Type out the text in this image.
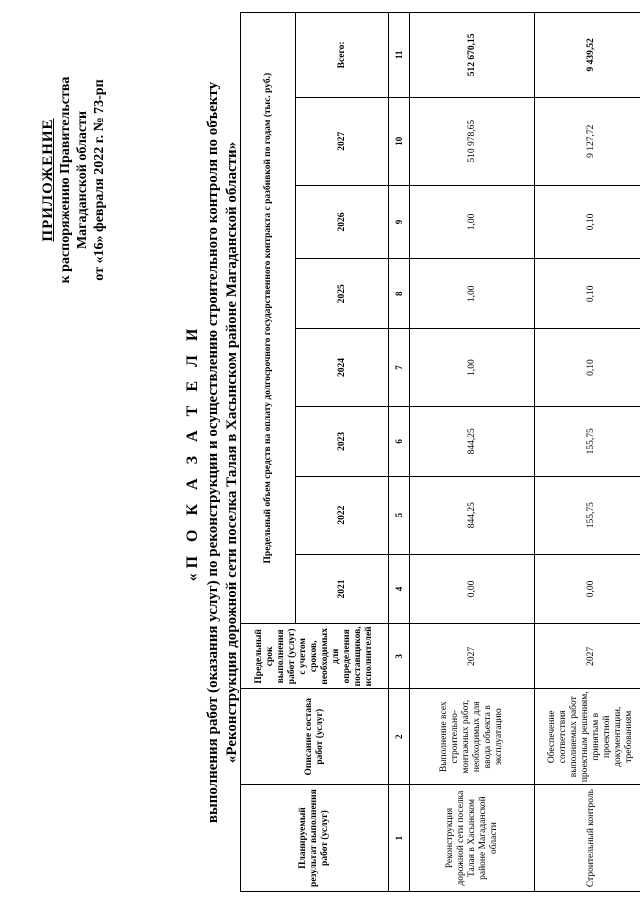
ПРИЛОЖЕНИЕ к распоряжению Правительства Магаданской области от «16» февраля 2022 г. № 73-рп
«П О К А З А Т Е Л И выполнения работ (оказания услуг) по реконструкции и осуществлению строительного контроля по объекту «Реконструкция дорожной сети поселка Талая в Хасынском районе Магаданской области»
Планируемый результат выполнения работ (услуг)	Описание состава работ (услуг)	Предельный срок выполнения работ (услуг) с учетом сроков, необходимых для определения поставщиков, исполнителей	Предельный объем средств на оплату долгосрочного государственного контракта с разбивкой по годам (тыс. руб.)							
			2021	2022	2023	2024	2025	2026	2027	Всего:
1	2	3	4	5	6	7	8	9	10	11
Реконструкция дорожной сети поселка Талая в Хасынском районе Магаданской области	Выполнение всех строительно-монтажных работ, необходимых для ввода объекта в эксплуатацию	2027	0,00	844,25	844,25	1,00	1,00	1,00	510 978,65	512 670,15
Строительный контроль	Обеспечение соответствия выполняемых работ проектным решениям, принятым в проектной документации, требованиям	2027	0,00	155,75	155,75	0,10	0,10	0,10	9 127,72	9 439,52
